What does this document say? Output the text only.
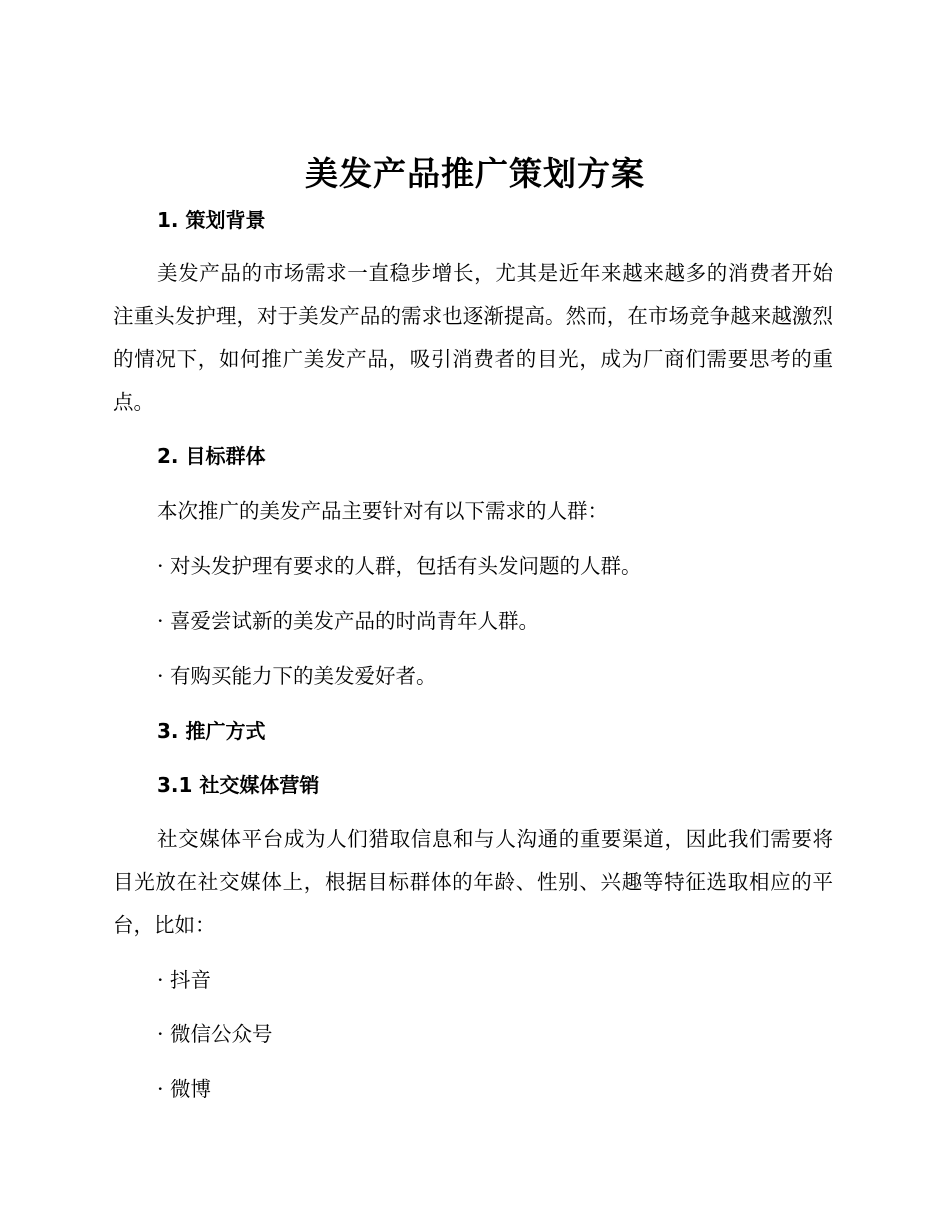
美发产品推广策划方案
1. 策划背景

美发产品的市场需求一直稳步增长，尤其是近年来越来越多的消费者开始注重头发护理，对于美发产品的需求也逐渐提高。然而，在市场竞争越来越激烈的情况下，如何推广美发产品，吸引消费者的目光，成为厂商们需要思考的重点。

2. 目标群体

本次推广的美发产品主要针对有以下需求的人群：

· 对头发护理有要求的人群，包括有头发问题的人群。

· 喜爱尝试新的美发产品的时尚青年人群。

· 有购买能力下的美发爱好者。

3. 推广方式
3.1 社交媒体营销

社交媒体平台成为人们猎取信息和与人沟通的重要渠道，因此我们需要将目光放在社交媒体上，根据目标群体的年龄、性别、兴趣等特征选取相应的平台，比如：

· 抖音

· 微信公众号

· 微博
